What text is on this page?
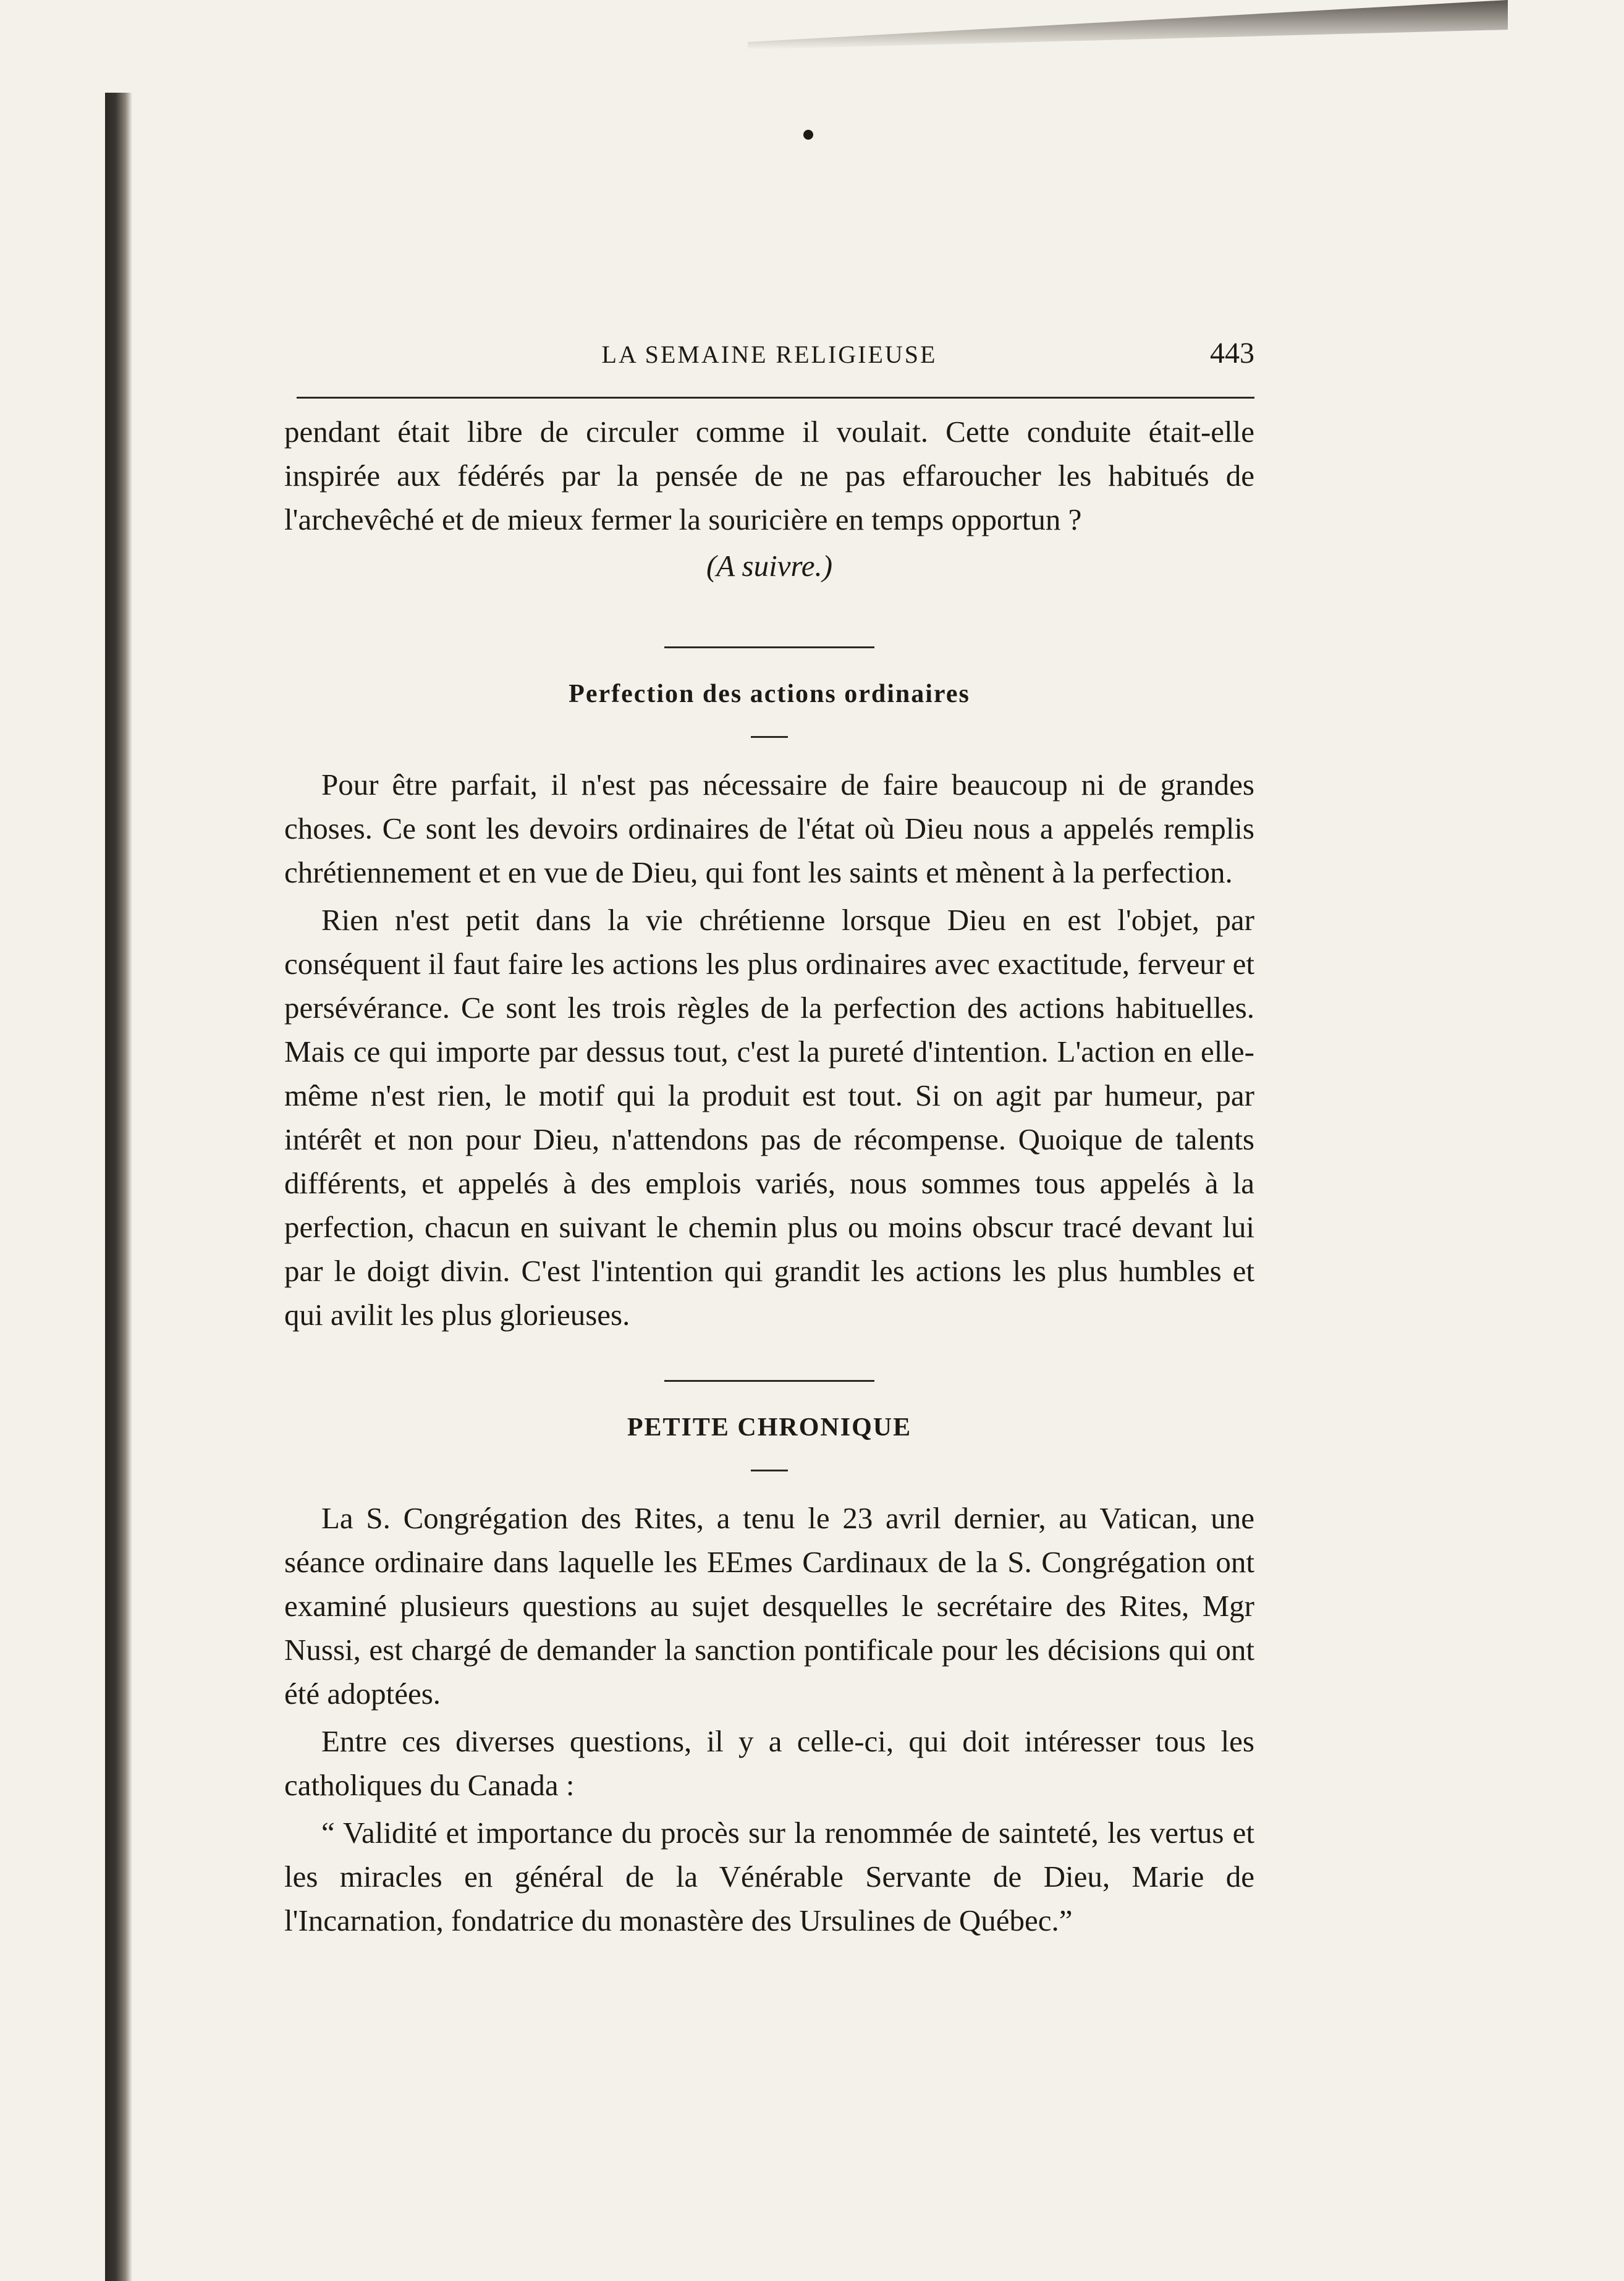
LA SEMAINE RELIGIEUSE	443

pendant était libre de circuler comme il voulait. Cette conduite était-elle inspirée aux fédérés par la pensée de ne pas effaroucher les habitués de l'archevêché et de mieux fermer la souricière en temps opportun ?

(A suivre.)
Perfection des actions ordinaires

Pour être parfait, il n'est pas nécessaire de faire beaucoup ni de grandes choses. Ce sont les devoirs ordinaires de l'état où Dieu nous a appelés remplis chrétiennement et en vue de Dieu, qui font les saints et mènent à la perfection.

Rien n'est petit dans la vie chrétienne lorsque Dieu en est l'objet, par conséquent il faut faire les actions les plus ordinaires avec exactitude, ferveur et persévérance. Ce sont les trois règles de la perfection des actions habituelles. Mais ce qui importe par dessus tout, c'est la pureté d'intention. L'action en elle-même n'est rien, le motif qui la produit est tout. Si on agit par humeur, par intérêt et non pour Dieu, n'attendons pas de récompense. Quoique de talents différents, et appelés à des emplois variés, nous sommes tous appelés à la perfection, chacun en suivant le chemin plus ou moins obscur tracé devant lui par le doigt divin. C'est l'intention qui grandit les actions les plus humbles et qui avilit les plus glorieuses.

PETITE CHRONIQUE

La S. Congrégation des Rites, a tenu le 23 avril dernier, au Vatican, une séance ordinaire dans laquelle les EEmes Cardinaux de la S. Congrégation ont examiné plusieurs questions au sujet desquelles le secrétaire des Rites, Mgr Nussi, est chargé de demander la sanction pontificale pour les décisions qui ont été adoptées.

Entre ces diverses questions, il y a celle-ci, qui doit intéresser tous les catholiques du Canada :

“ Validité et importance du procès sur la renommée de sainteté, les vertus et les miracles en général de la Vénérable Servante de Dieu, Marie de l'Incarnation, fondatrice du monastère des Ursulines de Québec.”
